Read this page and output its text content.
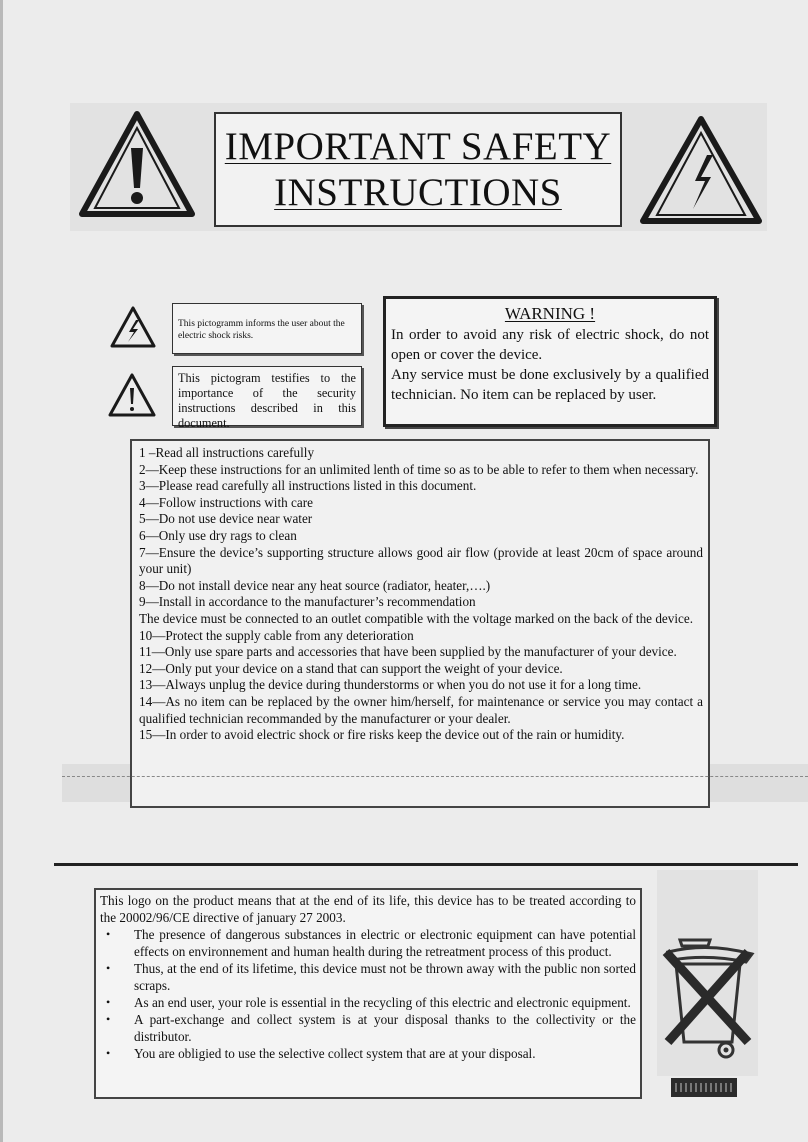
IMPORTANT SAFETY
INSTRUCTIONS
This pictogramm informs the user about the electric shock risks.
This pictogram testifies to the importance of the security instructions described in this document.
WARNING !

In order to avoid any risk of electric shock, do not open or cover the device.

Any service must be done exclusively by a qualified technician. No item can be replaced by user.

1 –Read all instructions carefully

2—Keep these instructions for an unlimited lenth of time so as to be able to refer to them when necessary.

3—Please read carefully all instructions listed in this document.

4—Follow instructions with care

5—Do not use device near water

6—Only use dry rags to clean

7—Ensure the device’s supporting structure allows good air flow (provide at least 20cm of space around your unit)

8—Do not install device near any heat source (radiator, heater,….)

9—Install in accordance to the manufacturer’s recommendation

The device must be connected to an outlet compatible with the voltage marked on the back of the device.

10—Protect the supply cable from any deterioration

11—Only use spare parts and accessories that have been supplied by the manufacturer of your device.

12—Only put your device on a stand that can support the weight of your device.

13—Always unplug the device during thunderstorms or when you do not use it for a long time.

14—As no item can be replaced by the owner him/herself, for maintenance or service you may contact a qualified technician recommanded by the manufacturer or your dealer.

15—In order to avoid electric shock or fire risks keep the device out of the rain or humidity.

This logo on the product means that at the end of its life, this device has to be treated according to the 20002/96/CE directive of january 27 2003.

• The presence of dangerous substances in electric or electronic equipment can have potential effects on environnement and human health during the retreatment process of this product.
• Thus, at the end of its lifetime, this device must not be thrown away with the public non sorted scraps.
• As an end user, your role is essential in the recycling of this electric and electronic equipment.
• A part-exchange and collect system is at your disposal thanks to the collectivity or the distributor.
• You are obligied to use the selective collect system that are at your disposal.
